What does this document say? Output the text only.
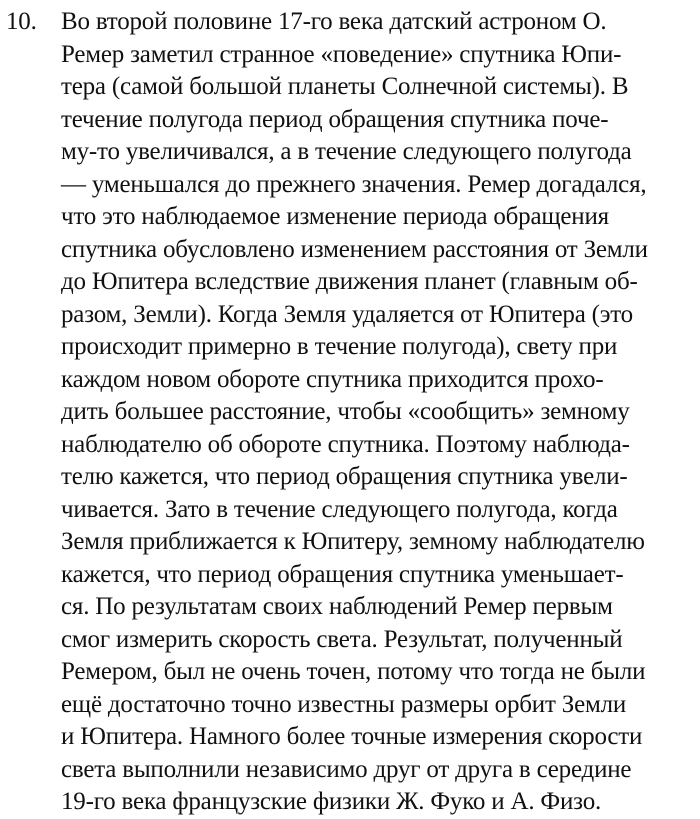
10. Во второй половине 17-го века датский астроном О.
Ремер заметил странное «поведение» спутника Юпи-
тера (самой большой планеты Солнечной системы). В
течение полугода период обращения спутника поче-
му-то увеличивался, а в течение следующего полугода
— уменьшался до прежнего значения. Ремер догадался,
что это наблюдаемое изменение периода обращения
спутника обусловлено изменением расстояния от Земли
до Юпитера вследствие движения планет (главным об-
разом, Земли). Когда Земля удаляется от Юпитера (это
происходит примерно в течение полугода), свету при
каждом новом обороте спутника приходится прохо-
дить большее расстояние, чтобы «сообщить» земному
наблюдателю об обороте спутника. Поэтому наблюда-
телю кажется, что период обращения спутника увели-
чивается. Зато в течение следующего полугода, когда
Земля приближается к Юпитеру, земному наблюдателю
кажется, что период обращения спутника уменьшает-
ся. По результатам своих наблюдений Ремер первым
смог измерить скорость света. Результат, полученный
Ремером, был не очень точен, потому что тогда не были
ещё достаточно точно известны размеры орбит Земли
и Юпитера. Намного более точные измерения скорости
света выполнили независимо друг от друга в середине
19-го века французские физики Ж. Фуко и А. Физо.
